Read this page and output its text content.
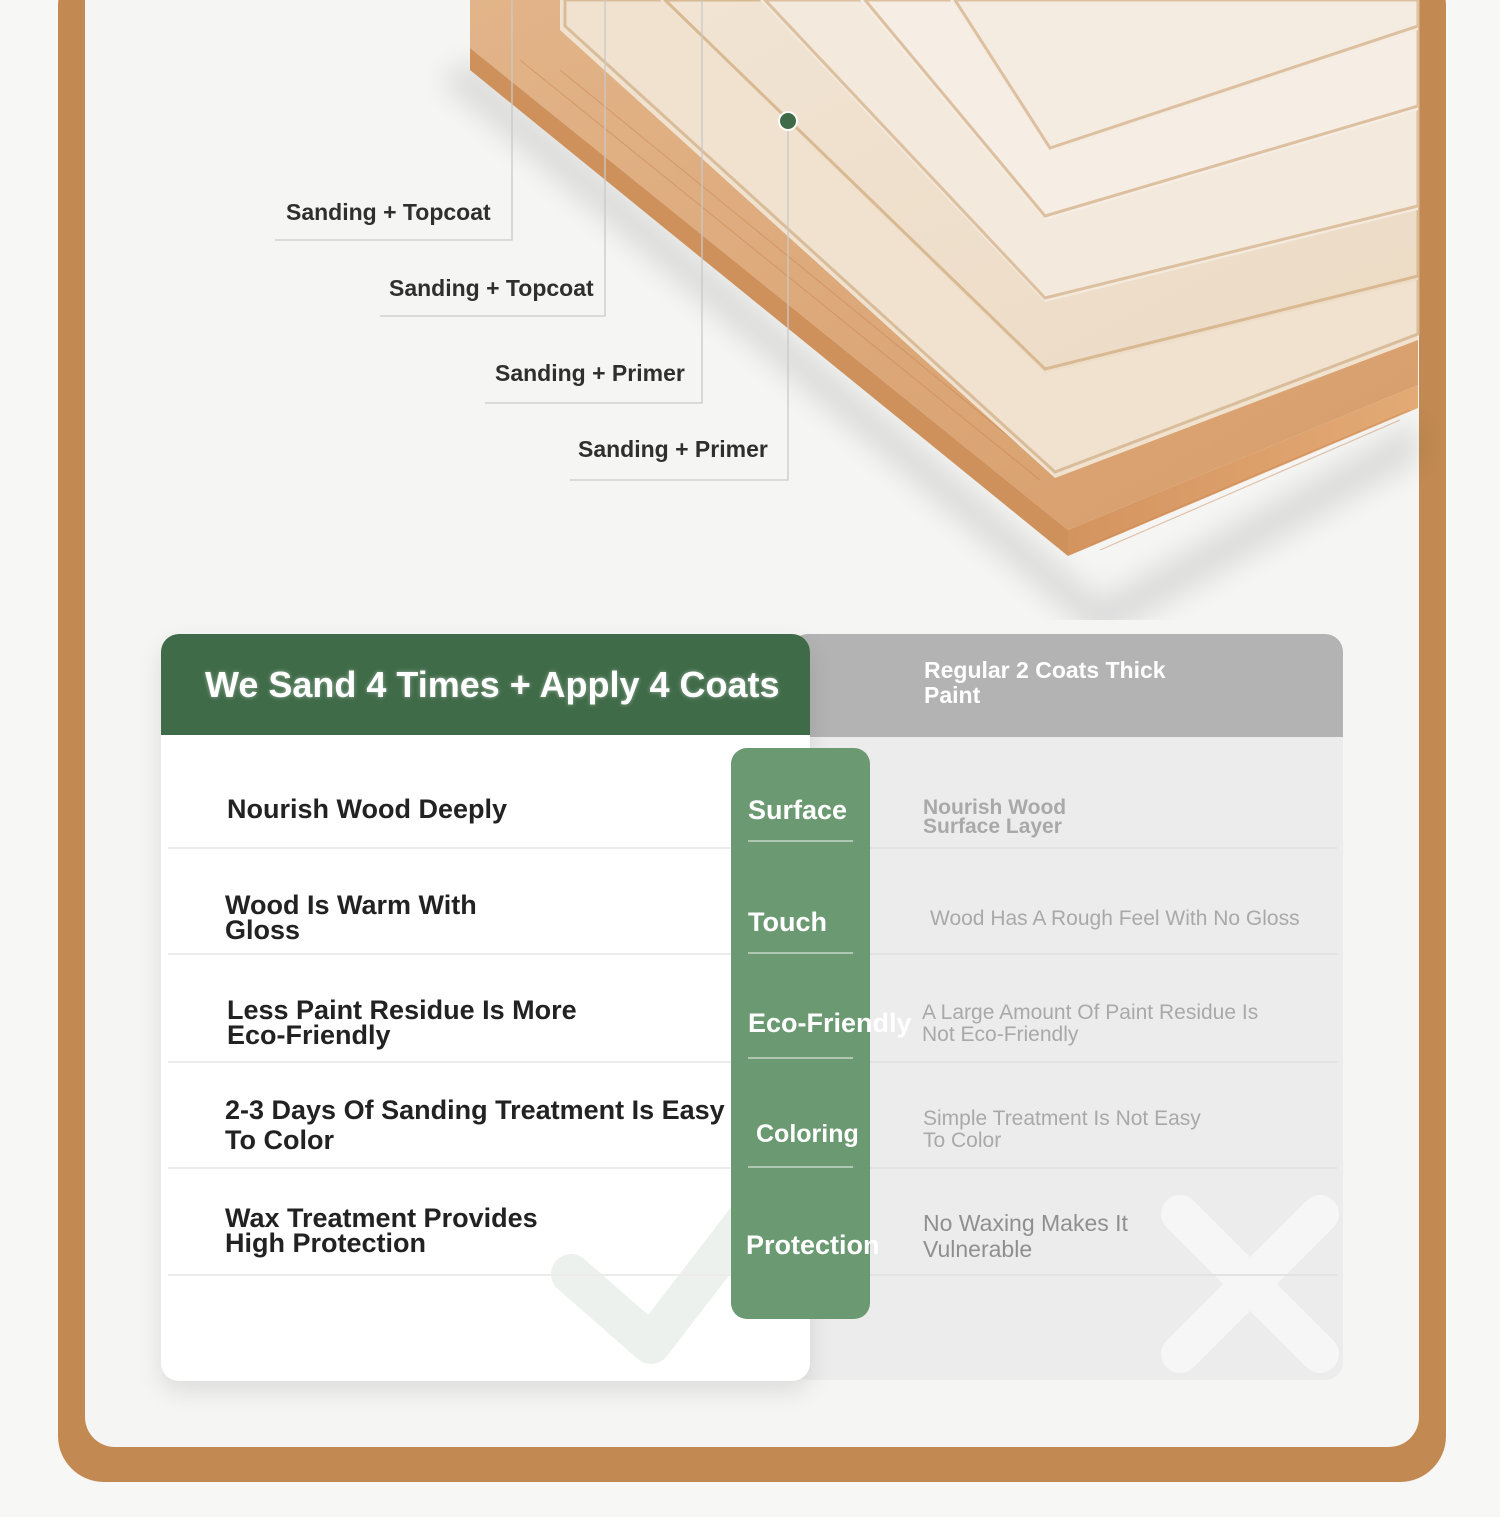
Sanding + Topcoat
Sanding + Topcoat
Sanding + Primer
Sanding + Primer
Regular 2 Coats Thick Paint
We Sand 4 Times + Apply 4 Coats
Nourish Wood Deeply
Wood Is Warm With Gloss
Less Paint Residue Is More Eco-Friendly
2-3 Days Of Sanding Treatment Is Easy To Color
Wax Treatment Provides High Protection
Surface
Touch
Eco-Friendly
Coloring
Protection
Nourish Wood Surface Layer
Wood Has A Rough Feel With No Gloss
A Large Amount Of Paint Residue Is Not Eco-Friendly
Simple Treatment Is Not Easy To Color
No Waxing Makes It Vulnerable
